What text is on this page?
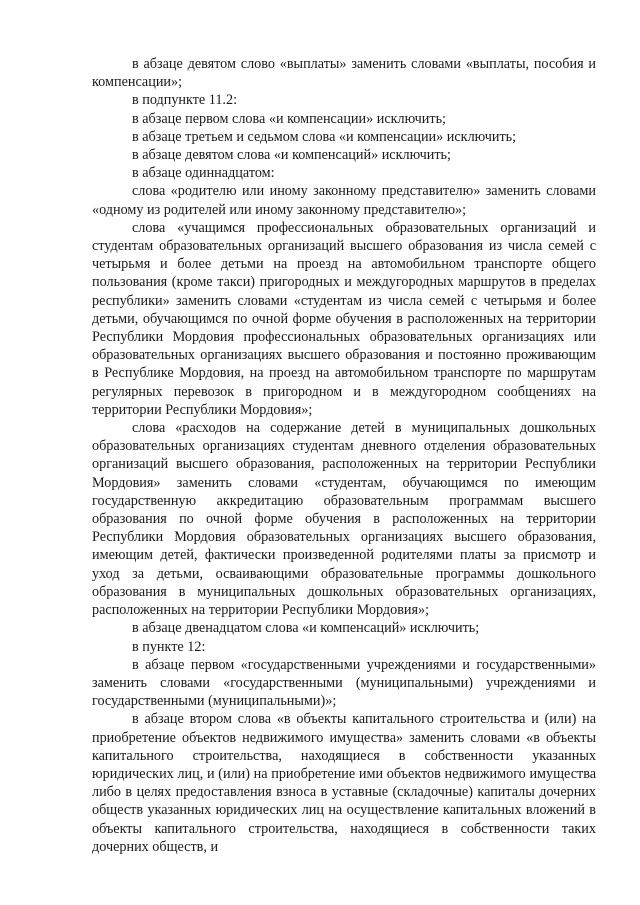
в абзаце девятом слово «выплаты» заменить словами «выплаты, пособия и компенсации»;

в подпункте 11.2:

в абзаце первом слова «и компенсации» исключить;

в абзаце третьем и седьмом слова «и компенсации» исключить;

в абзаце девятом слова «и компенсаций» исключить;

в абзаце одиннадцатом:

слова «родителю или иному законному представителю» заменить словами «одному из родителей или иному законному представителю»;

слова «учащимся профессиональных образовательных организаций и студентам образовательных организаций высшего образования из числа семей с четырьмя и более детьми на проезд на автомобильном транспорте общего пользования (кроме такси) пригородных и междугородных маршрутов в пределах республики» заменить словами «студентам из числа семей с четырьмя и более детьми, обучающимся по очной форме обучения в расположенных на территории Республики Мордовия профессиональных образовательных организациях или образовательных организациях высшего образования и постоянно проживающим в Республике Мордовия, на проезд на автомобильном транспорте по маршрутам регулярных перевозок в пригородном и в междугородном сообщениях на территории Республики Мордовия»;

слова «расходов на содержание детей в муниципальных дошкольных образовательных организациях студентам дневного отделения образовательных организаций высшего образования, расположенных на территории Республики Мордовия» заменить словами «студентам, обучающимся по имеющим государственную аккредитацию образовательным программам высшего образования по очной форме обучения в расположенных на территории Республики Мордовия образовательных организациях высшего образования, имеющим детей, фактически произведенной родителями платы за присмотр и уход за детьми, осваивающими образовательные программы дошкольного образования в муниципальных дошкольных образовательных организациях, расположенных на территории Республики Мордовия»;

в абзаце двенадцатом слова «и компенсаций» исключить;

в пункте 12:

в абзаце первом «государственными учреждениями и государственными» заменить словами «государственными (муниципальными) учреждениями и государственными (муниципальными)»;

в абзаце втором слова «в объекты капитального строительства и (или) на приобретение объектов недвижимого имущества» заменить словами «в объекты капитального строительства, находящиеся в собственности указанных юридических лиц, и (или) на приобретение ими объектов недвижимого имущества либо в целях предоставления взноса в уставные (складочные) капиталы дочерних обществ указанных юридических лиц на осуществление капитальных вложений в объекты капитального строительства, находящиеся в собственности таких дочерних обществ, и
